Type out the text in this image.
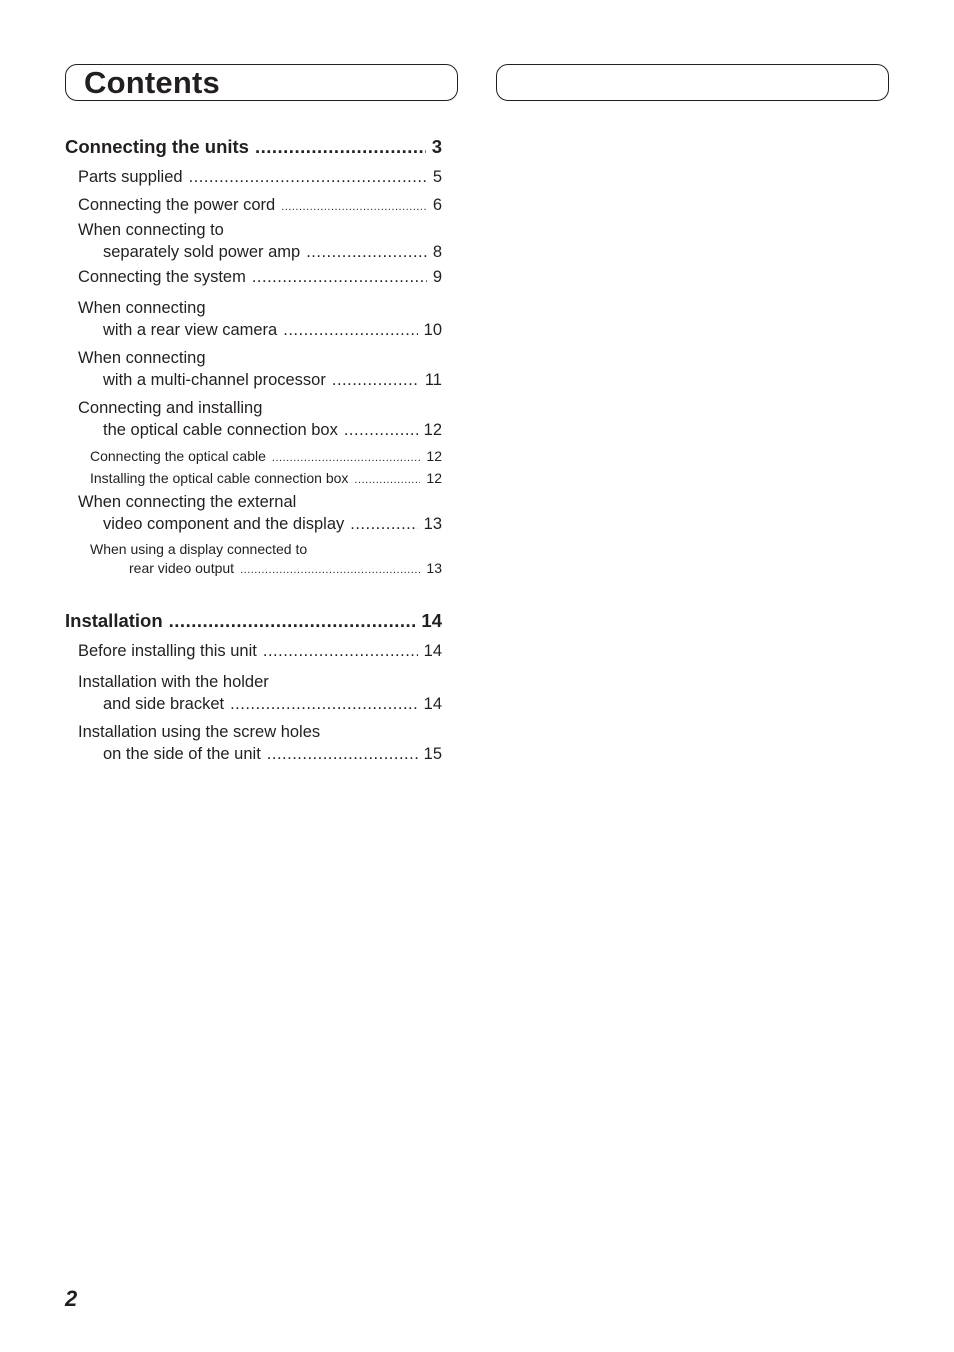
Contents
Connecting the units .....	3
Parts supplied .....	5
Connecting the power cord .....	6
When connecting to
separately sold power amp .....	8
Connecting the system .....	9
When connecting
with a rear view camera .....	10
When connecting
with a multi-channel processor .....	11
Connecting and installing
the optical cable connection box .....	12
Connecting the optical cable .....	12
Installing the optical cable connection box .....	12
When connecting the external
video component and the display .....	13
When using a display connected to
rear video output .....	13
Installation .....	14
Before installing this unit .....	14
Installation with the holder
and side bracket .....	14
Installation using the screw holes
on the side of the unit .....	15
2
